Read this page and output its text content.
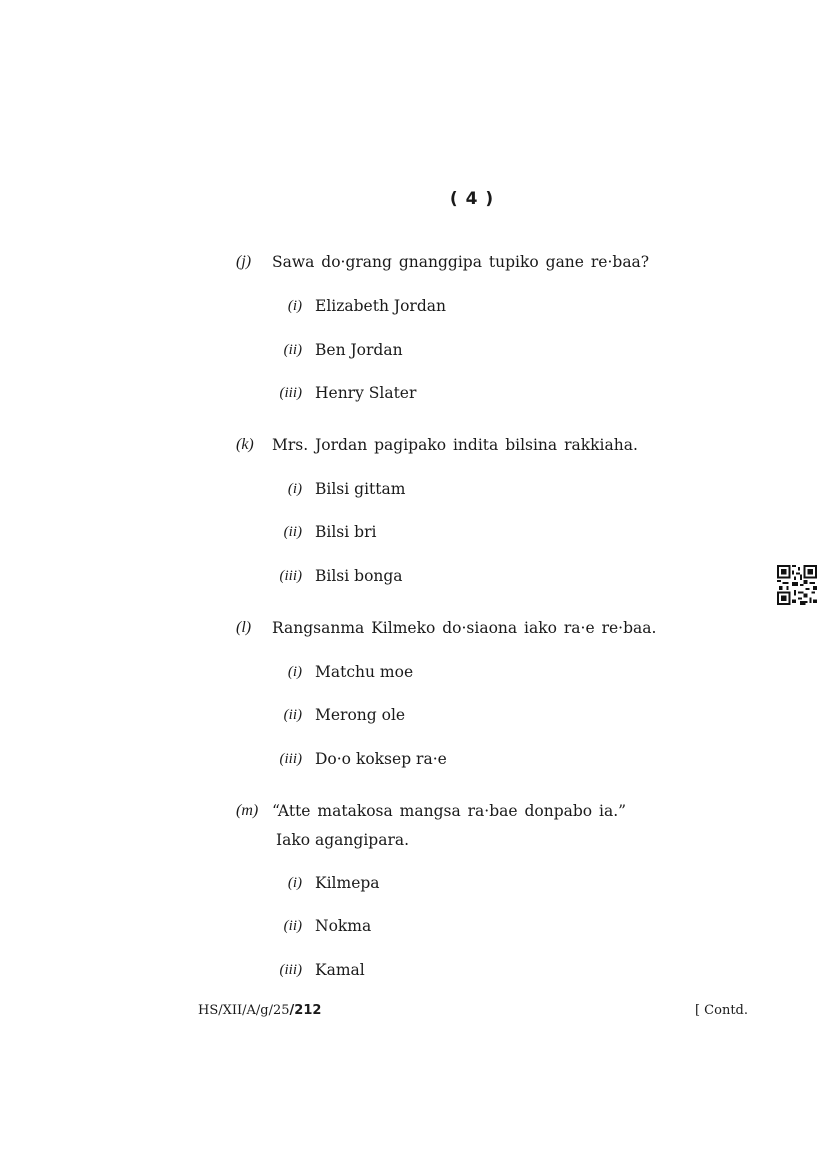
( 4 )
(j) Sawa do·grang gnanggipa tupiko gane re·baa?
(i) Elizabeth Jordan
(ii) Ben Jordan
(iii) Henry Slater
(k) Mrs. Jordan pagipako indita bilsina rakkiaha.
(i) Bilsi gittam
(ii) Bilsi bri
(iii) Bilsi bonga
(l) Rangsanma Kilmeko do·siaona iako ra·e re·baa.
(i) Matchu moe
(ii) Merong ole
(iii) Do·o koksep ra·e
(m) “Atte matakosa mangsa ra·bae donpabo ia.”
Iako agangipara.
(i) Kilmepa
(ii) Nokma
(iii) Kamal
HS/XII/A/g/25/212	[ Contd.
